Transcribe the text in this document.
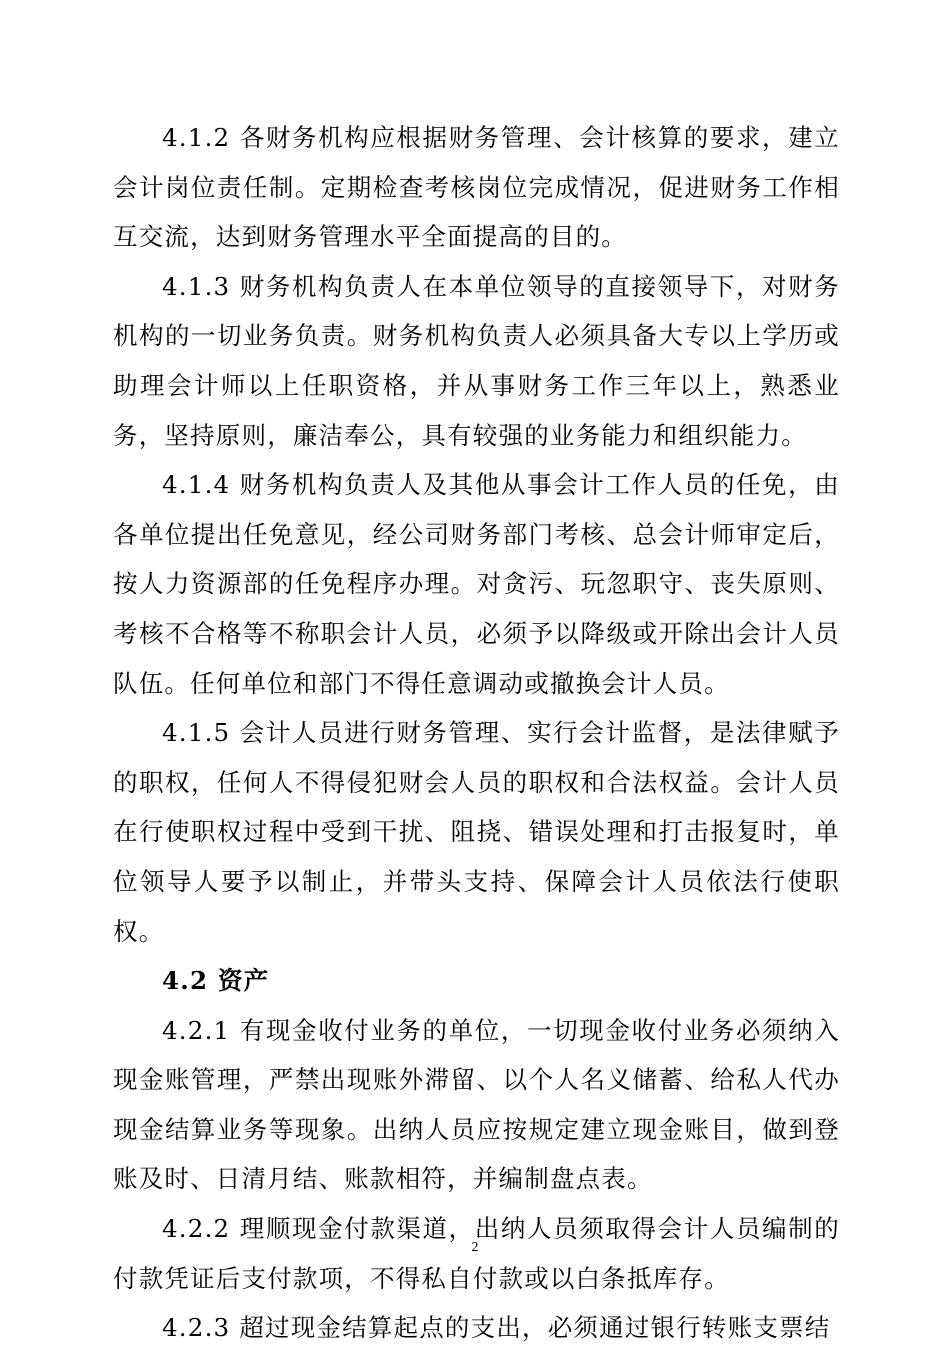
4.1.2 各财务机构应根据财务管理、会计核算的要求，建立会计岗位责任制。定期检查考核岗位完成情况，促进财务工作相互交流，达到财务管理水平全面提高的目的。

4.1.3 财务机构负责人在本单位领导的直接领导下，对财务机构的一切业务负责。财务机构负责人必须具备大专以上学历或助理会计师以上任职资格，并从事财务工作三年以上，熟悉业务，坚持原则，廉洁奉公，具有较强的业务能力和组织能力。

4.1.4 财务机构负责人及其他从事会计工作人员的任免，由各单位提出任免意见，经公司财务部门考核、总会计师审定后，按人力资源部的任免程序办理。对贪污、玩忽职守、丧失原则、考核不合格等不称职会计人员，必须予以降级或开除出会计人员队伍。任何单位和部门不得任意调动或撤换会计人员。

4.1.5 会计人员进行财务管理、实行会计监督，是法律赋予的职权，任何人不得侵犯财会人员的职权和合法权益。会计人员在行使职权过程中受到干扰、阻挠、错误处理和打击报复时，单位领导人要予以制止，并带头支持、保障会计人员依法行使职权。

4.2 资产

4.2.1 有现金收付业务的单位，一切现金收付业务必须纳入现金账管理，严禁出现账外滞留、以个人名义储蓄、给私人代办现金结算业务等现象。出纳人员应按规定建立现金账目，做到登账及时、日清月结、账款相符，并编制盘点表。

4.2.2 理顺现金付款渠道，出纳人员须取得会计人员编制的付款凭证后支付款项，不得私自付款或以白条抵库存。

4.2.3 超过现金结算起点的支出，必须通过银行转账支票结

2
